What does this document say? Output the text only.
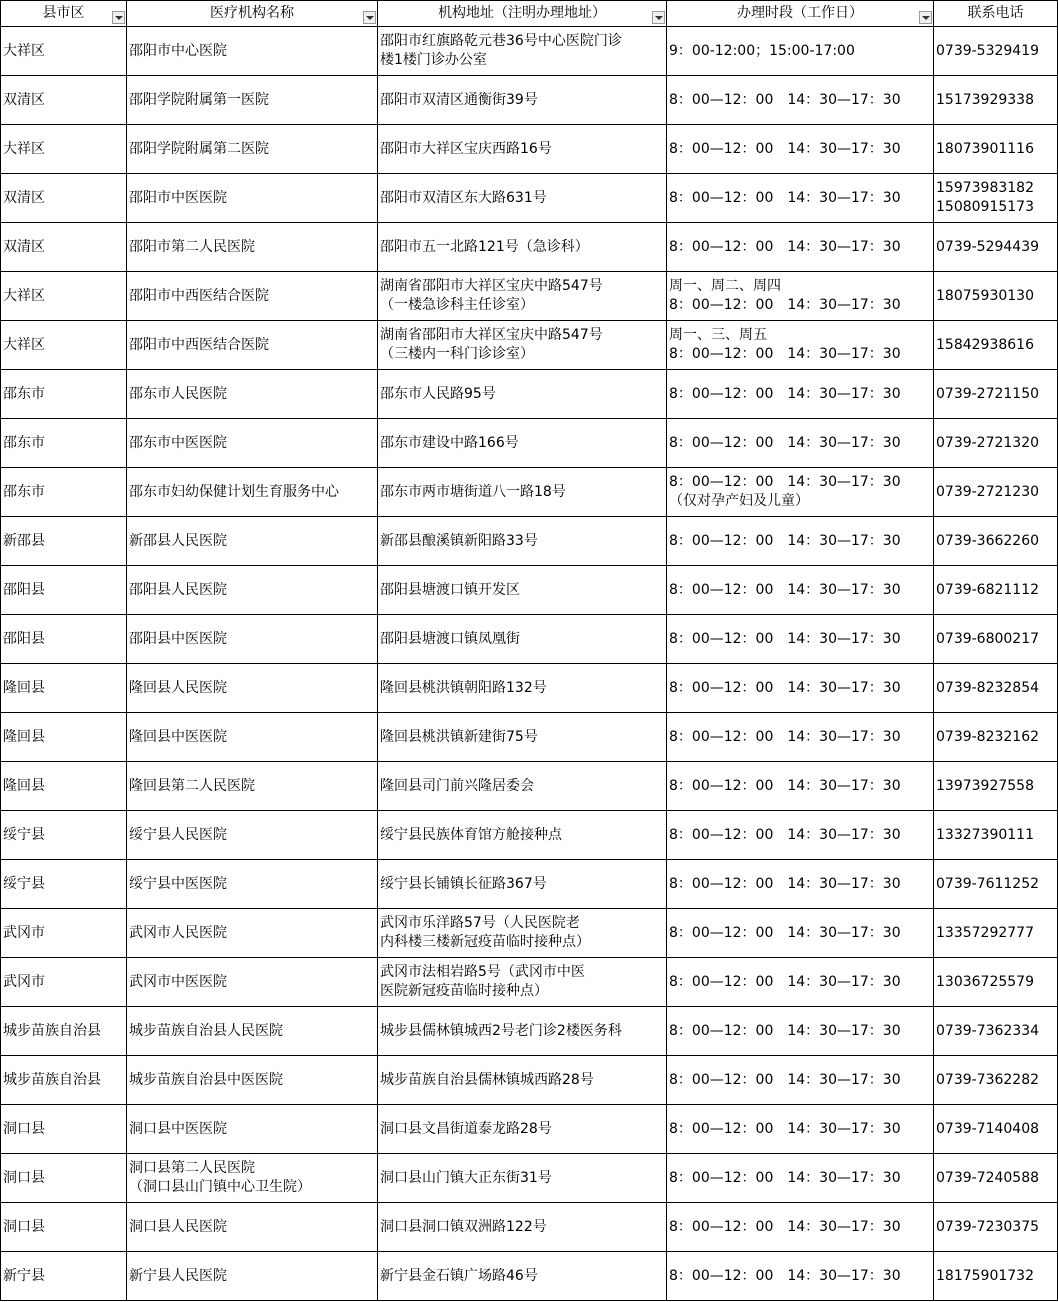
县市区	医疗机构名称	机构地址（注明办理地址）	办理时段（工作日）	联系电话
大祥区	邵阳市中心医院	邵阳市红旗路乾元巷36号中心医院门诊
楼1楼门诊办公室	9：00-12:00；15:00-17:00	0739-5329419

双清区	邵阳学院附属第一医院	邵阳市双清区通衡街39号	8：00—12：00　14：30—17：30	15173929338

大祥区	邵阳学院附属第二医院	邵阳市大祥区宝庆西路16号	8：00—12：00　14：30—17：30	18073901116

双清区	邵阳市中医医院	邵阳市双清区东大路631号	8：00—12：00　14：30—17：30	15973983182
15080915173

双清区	邵阳市第二人民医院	邵阳市五一北路121号（急诊科）	8：00—12：00　14：30—17：30	0739-5294439

大祥区	邵阳市中西医结合医院	湖南省邵阳市大祥区宝庆中路547号
（一楼急诊科主任诊室）	周一、周二、周四
8：00—12：00　14：30—17：30	18075930130

大祥区	邵阳市中西医结合医院	湖南省邵阳市大祥区宝庆中路547号
（三楼内一科门诊诊室）	周一、三、周五
8：00—12：00　14：30—17：30	15842938616

邵东市	邵东市人民医院	邵东市人民路95号	8：00—12：00　14：30—17：30	0739-2721150

邵东市	邵东市中医医院	邵东市建设中路166号	8：00—12：00　14：30—17：30	0739-2721320

邵东市	邵东市妇幼保健计划生育服务中心	邵东市两市塘街道八一路18号	8：00—12：00　14：30—17：30
（仅对孕产妇及儿童）	0739-2721230

新邵县	新邵县人民医院	新邵县酿溪镇新阳路33号	8：00—12：00　14：30—17：30	0739-3662260

邵阳县	邵阳县人民医院	邵阳县塘渡口镇开发区	8：00—12：00　14：30—17：30	0739-6821112

邵阳县	邵阳县中医医院	邵阳县塘渡口镇凤凰街	8：00—12：00　14：30—17：30	0739-6800217

隆回县	隆回县人民医院	隆回县桃洪镇朝阳路132号	8：00—12：00　14：30—17：30	0739-8232854

隆回县	隆回县中医医院	隆回县桃洪镇新建街75号	8：00—12：00　14：30—17：30	0739-8232162

隆回县	隆回县第二人民医院	隆回县司门前兴隆居委会	8：00—12：00　14：30—17：30	13973927558

绥宁县	绥宁县人民医院	绥宁县民族体育馆方舱接种点	8：00—12：00　14：30—17：30	13327390111

绥宁县	绥宁县中医医院	绥宁县长铺镇长征路367号	8：00—12：00　14：30—17：30	0739-7611252

武冈市	武冈市人民医院	武冈市乐洋路57号（人民医院老
内科楼三楼新冠疫苗临时接种点）	8：00—12：00　14：30—17：30	13357292777

武冈市	武冈市中医医院	武冈市法相岩路5号（武冈市中医
医院新冠疫苗临时接种点）	8：00—12：00　14：30—17：30	13036725579

城步苗族自治县	城步苗族自治县人民医院	城步县儒林镇城西2号老门诊2楼医务科	8：00—12：00　14：30—17：30	0739-7362334

城步苗族自治县	城步苗族自治县中医医院	城步苗族自治县儒林镇城西路28号	8：00—12：00　14：30—17：30	0739-7362282

洞口县	洞口县中医医院	洞口县文昌街道泰龙路28号	8：00—12：00　14：30—17：30	0739-7140408

洞口县	洞口县第二人民医院
（洞口县山门镇中心卫生院）	洞口县山门镇大正东街31号	8：00—12：00　14：30—17：30	0739-7240588

洞口县	洞口县人民医院	洞口县洞口镇双洲路122号	8：00—12：00　14：30—17：30	0739-7230375

新宁县	新宁县人民医院	新宁县金石镇广场路46号	8：00—12：00　14：30—17：30	18175901732
